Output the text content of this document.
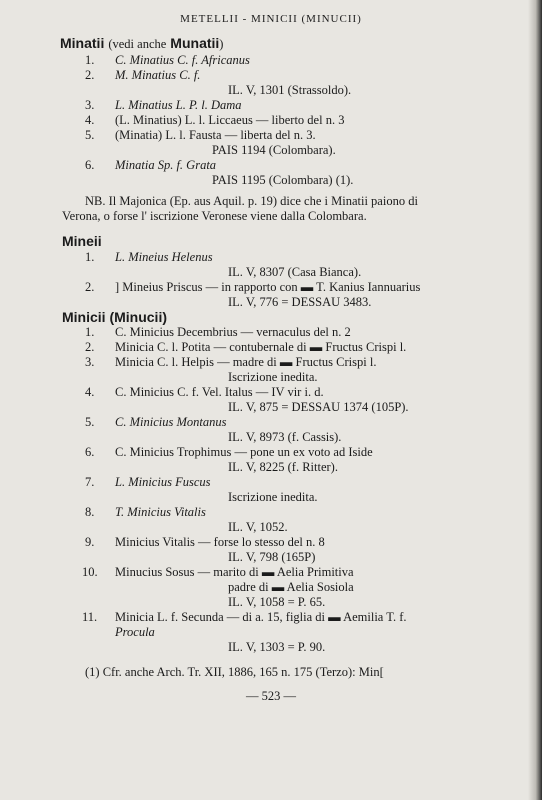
METELLII - MINICII (MINUCII)
Minatii (vedi anche Munatii)
1. C. Minatius C. f. Africanus
2. M. Minatius C. f.
IL. V, 1301 (Strassoldo).
3. L. Minatius L. P. l. Dama
4. (L. Minatius) L. l. Liccaeus — liberto del n. 3
5. (Minatia) L. l. Fausta — liberta del n. 3.
PAIS 1194 (Colombara).
6. Minatia Sp. f. Grata
PAIS 1195 (Colombara) (1).
NB. Il Majonica (Ep. aus Aquil. p. 19) dice che i Minatii paiono di
Verona, o forse l' iscrizione Veronese viene dalla Colombara.
Mineii
1. L. Mineius Helenus
IL. V, 8307 (Casa Bianca).
2. ] Mineius Priscus — in rapporto con ▬ T. Kanius Iannuarius
IL. V, 776 = DESSAU 3483.
Minicii (Minucii)
1. C. Minicius Decembrius — vernaculus del n. 2
2. Minicia C. l. Potita — contubernale di ▬ Fructus Crispi l.
3. Minicia C. l. Helpis — madre di ▬ Fructus Crispi l.
Iscrizione inedita.
4. C. Minicius C. f. Vel. Italus — IV vir i. d.
IL. V, 875 = DESSAU 1374 (105P).
5. C. Minicius Montanus
IL. V, 8973 (f. Cassis).
6. C. Minicius Trophimus — pone un ex voto ad Iside
IL. V, 8225 (f. Ritter).
7. L. Minicius Fuscus
Iscrizione inedita.
8. T. Minicius Vitalis
IL. V, 1052.
9. Minicius Vitalis — forse lo stesso del n. 8
IL. V, 798 (165P)
10. Minucius Sosus — marito di ▬ Aelia Primitiva
padre di ▬ Aelia Sosiola
IL. V, 1058 = P. 65.
11. Minicia L. f. Secunda — di a. 15, figlia di ▬ Aemilia T. f.
Procula
IL. V, 1303 = P. 90.
(1) Cfr. anche Arch. Tr. XII, 1886, 165 n. 175 (Terzo): Min[
— 523 —
